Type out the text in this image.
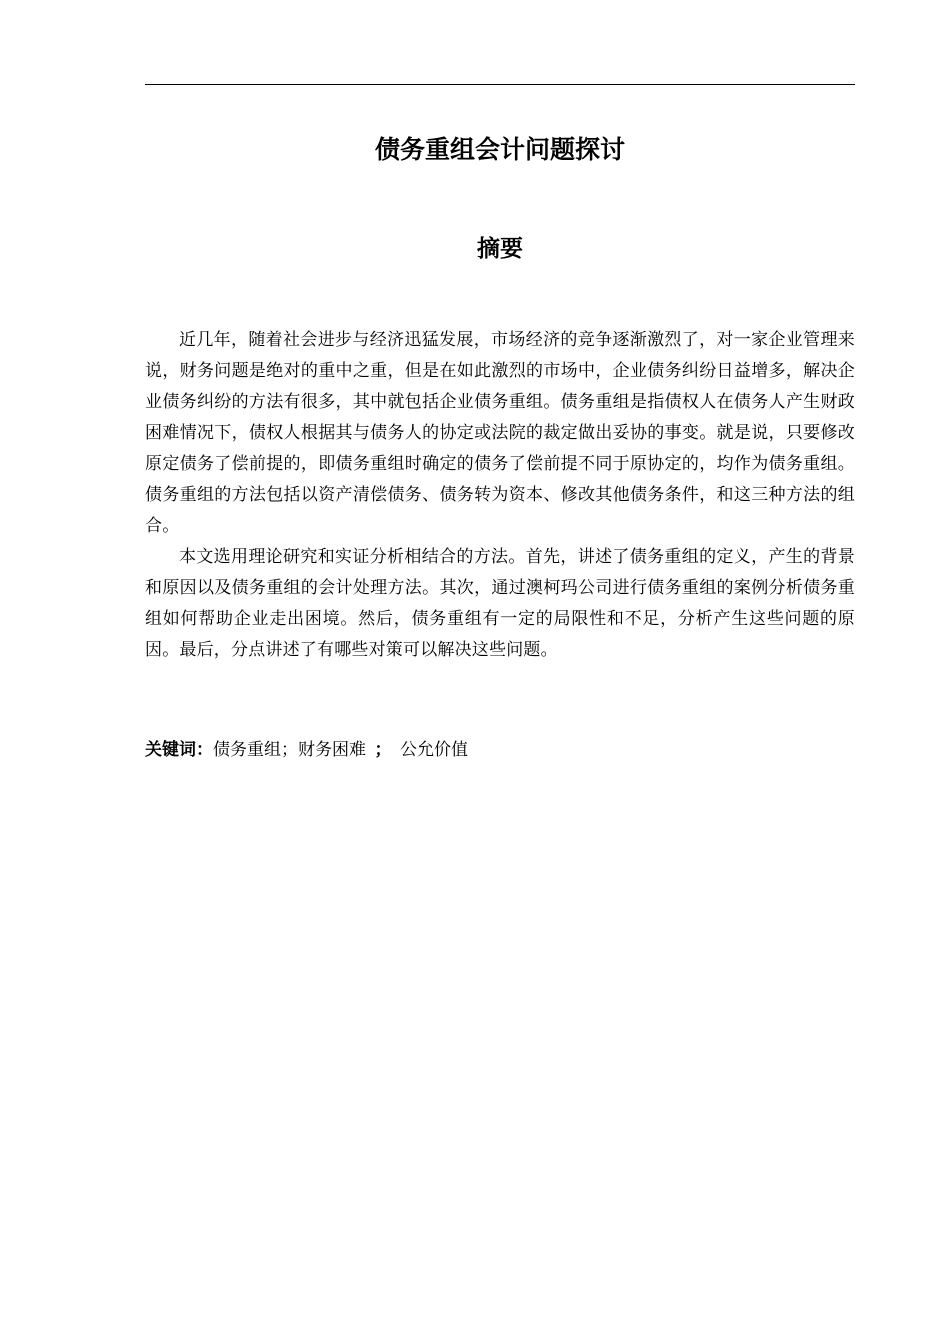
债务重组会计问题探讨
摘要

近几年，随着社会进步与经济迅猛发展，市场经济的竞争逐渐激烈了，对一家企业管理来说，财务问题是绝对的重中之重，但是在如此激烈的市场中，企业债务纠纷日益增多，解决企业债务纠纷的方法有很多，其中就包括企业债务重组。债务重组是指债权人在债务人产生财政困难情况下，债权人根据其与债务人的协定或法院的裁定做出妥协的事变。就是说，只要修改原定债务了偿前提的，即债务重组时确定的债务了偿前提不同于原协定的，均作为债务重组。债务重组的方法包括以资产清偿债务、债务转为资本、修改其他债务条件，和这三种方法的组合。

本文选用理论研究和实证分析相结合的方法。首先，讲述了债务重组的定义，产生的背景和原因以及债务重组的会计处理方法。其次，通过澳柯玛公司进行债务重组的案例分析债务重组如何帮助企业走出困境。然后，债务重组有一定的局限性和不足，分析产生这些问题的原因。最后，分点讲述了有哪些对策可以解决这些问题。

关键词：债务重组；财务困难 ； 公允价值
